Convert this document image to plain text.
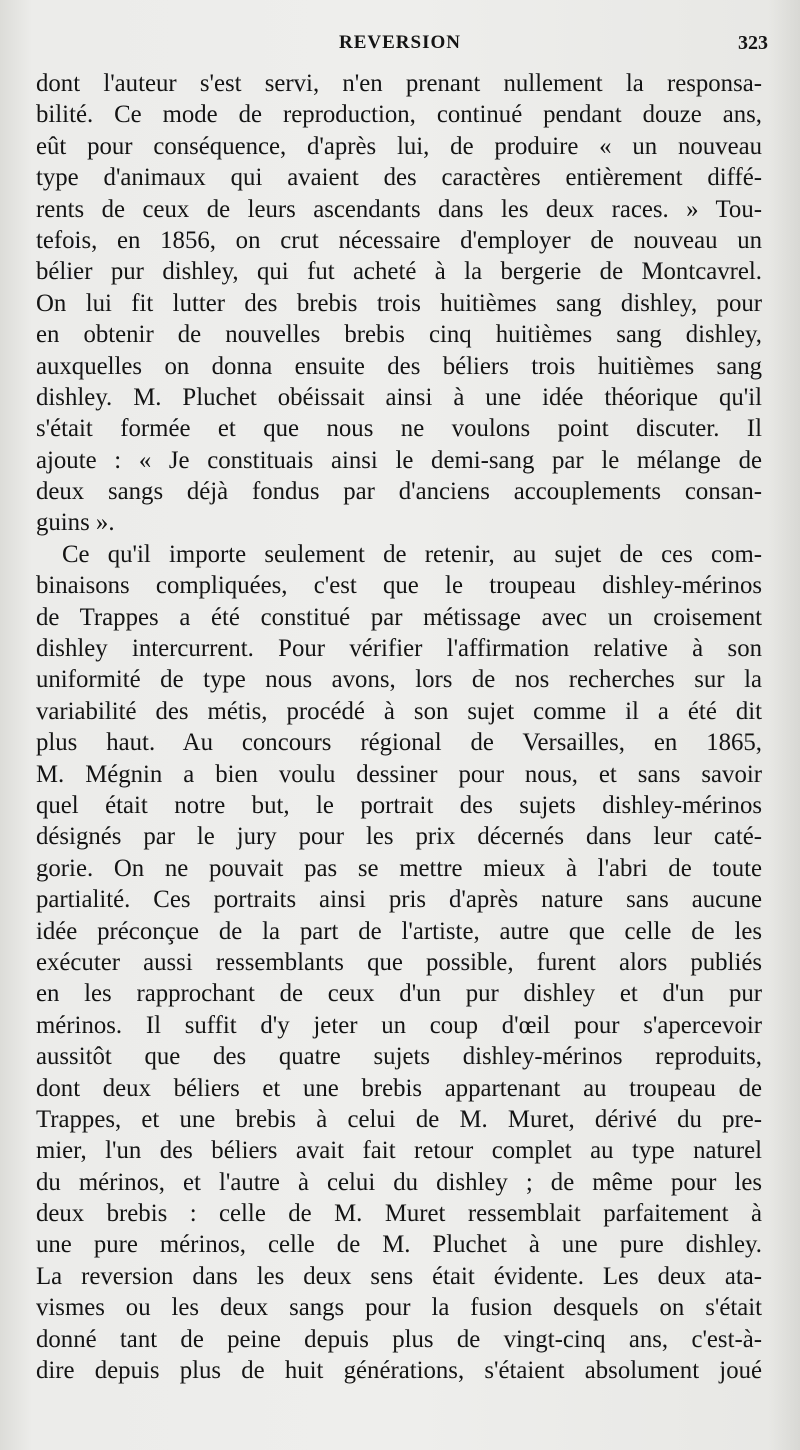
REVERSION	323
dont l'auteur s'est servi, n'en prenant nullement la responsa-
bilité. Ce mode de reproduction, continué pendant douze ans,
eût pour conséquence, d'après lui, de produire « un nouveau
type d'animaux qui avaient des caractères entièrement diffé-
rents de ceux de leurs ascendants dans les deux races. » Tou-
tefois, en 1856, on crut nécessaire d'employer de nouveau un
bélier pur dishley, qui fut acheté à la bergerie de Montcavrel.
On lui fit lutter des brebis trois huitièmes sang dishley, pour
en obtenir de nouvelles brebis cinq huitièmes sang dishley,
auxquelles on donna ensuite des béliers trois huitièmes sang
dishley. M. Pluchet obéissait ainsi à une idée théorique qu'il
s'était formée et que nous ne voulons point discuter. Il
ajoute : « Je constituais ainsi le demi-sang par le mélange de
deux sangs déjà fondus par d'anciens accouplements consan-
guins ».
Ce qu'il importe seulement de retenir, au sujet de ces com-
binaisons compliquées, c'est que le troupeau dishley-mérinos
de Trappes a été constitué par métissage avec un croisement
dishley intercurrent. Pour vérifier l'affirmation relative à son
uniformité de type nous avons, lors de nos recherches sur la
variabilité des métis, procédé à son sujet comme il a été dit
plus haut. Au concours régional de Versailles, en 1865,
M. Mégnin a bien voulu dessiner pour nous, et sans savoir
quel était notre but, le portrait des sujets dishley-mérinos
désignés par le jury pour les prix décernés dans leur caté-
gorie. On ne pouvait pas se mettre mieux à l'abri de toute
partialité. Ces portraits ainsi pris d'après nature sans aucune
idée préconçue de la part de l'artiste, autre que celle de les
exécuter aussi ressemblants que possible, furent alors publiés
en les rapprochant de ceux d'un pur dishley et d'un pur
mérinos. Il suffit d'y jeter un coup d'œil pour s'apercevoir
aussitôt que des quatre sujets dishley-mérinos reproduits,
dont deux béliers et une brebis appartenant au troupeau de
Trappes, et une brebis à celui de M. Muret, dérivé du pre-
mier, l'un des béliers avait fait retour complet au type naturel
du mérinos, et l'autre à celui du dishley ; de même pour les
deux brebis : celle de M. Muret ressemblait parfaitement à
une pure mérinos, celle de M. Pluchet à une pure dishley.
La reversion dans les deux sens était évidente. Les deux ata-
vismes ou les deux sangs pour la fusion desquels on s'était
donné tant de peine depuis plus de vingt-cinq ans, c'est-à-
dire depuis plus de huit générations, s'étaient absolument joué
